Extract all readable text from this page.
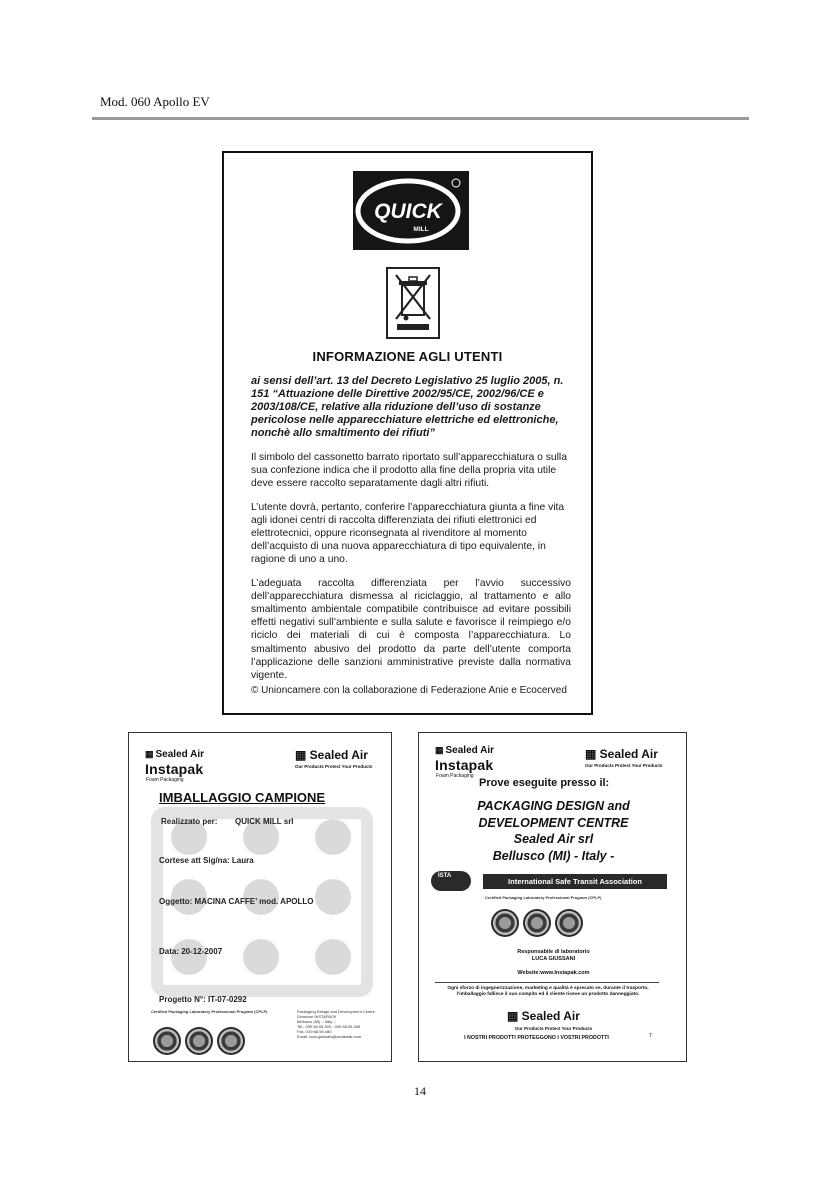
Mod. 060 Apollo EV
QUICK
MILL
INFORMAZIONE AGLI UTENTI

ai sensi dell’art. 13 del Decreto Legislativo 25 luglio 2005, n. 151 “Attuazione delle Direttive 2002/95/CE, 2002/96/CE e 2003/108/CE, relative alla riduzione dell’uso di sostanze pericolose nelle apparecchiature elettriche ed elettroniche, nonchè allo smaltimento dei rifiuti”

Il simbolo del cassonetto barrato riportato sull’apparecchiatura o sulla sua confezione indica che il prodotto alla fine della propria vita utile deve essere raccolto separatamente dagli altri rifiuti.

L’utente dovrà, pertanto, conferire l’apparecchiatura giunta a fine vita agli idonei centri di raccolta differenziata dei rifiuti elettronici ed elettrotecnici, oppure riconsegnata al rivenditore al momento dell’acquisto di una nuova apparecchiatura di tipo equivalente, in ragione di uno a uno.

L’adeguata raccolta differenziata per l’avvio successivo dell’apparecchiatura dismessa al riciclaggio, al trattamento e allo smaltimento ambientale compatibile contribuisce ad evitare possibili effetti negativi sull’ambiente e sulla salute e favorisce il reimpiego e/o riciclo dei materiali di cui è composta l’apparecchiatura. Lo smaltimento abusivo del prodotto da parte dell’utente comporta l’applicazione delle sanzioni amministrative previste dalla normativa vigente.

© Unioncamere con la collaborazione di Federazione Anie e Ecocerved
▦ Sealed Air
Instapak
Foam Packaging
▦ Sealed Air
Our Products Protect Your Products
IMBALLAGGIO CAMPIONE
Realizzato per: QUICK MILL srl
Cortese att Sig/na: Laura
Oggetto: MACINA CAFFE’ mod. APOLLO
Data: 20-12-2007
Progetto N°: IT-07-0292
Certified Packaging Laboratory Professional Program (CPLP)	Packaging Design and Development Centre
Divisione INSTAPACK
Bellusco (MI) – Italy –
Tel.: 039 68.55.300 - 039 68.55.306
Fax: 039 68.55.480
Email: luca.giussani@sealedair.com
▦ Sealed Air
Instapak
Foam Packaging
▦ Sealed Air
Our Products Protect Your Products
Prove eseguite presso il:
PACKAGING DESIGN and
DEVELOPMENT CENTRE
Sealed Air srl
Bellusco (MI) - Italy -
ISTA
International Safe Transit Association
Certified Packaging Laboratory Professional Program (CPLP)
Responsabile di laboratorio
LUCA GIUSSANI
Website:www.Instapak.com
Ogni sforzo di ingegnerizzazione, marketing e qualità è sprecato se, durante il trasporto, l’imballaggio fallisce il suo compito ed il cliente riceve un prodotto danneggiato.
▦ Sealed Air
Our Products Protect Your Products
I NOSTRI PRODOTTI PROTEGGONO I VOSTRI PRODOTTI	7
14
